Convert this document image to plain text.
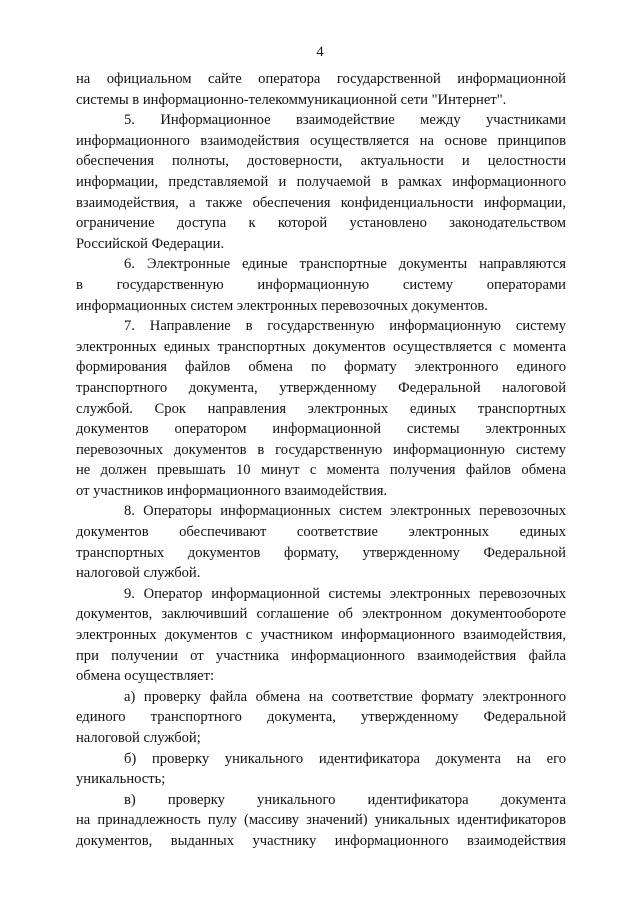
4
на официальном сайте оператора государственной информационной
системы в информационно-телекоммуникационной сети "Интернет".
5. Информационное взаимодействие между участниками
информационного взаимодействия осуществляется на основе принципов
обеспечения полноты, достоверности, актуальности и целостности
информации, представляемой и получаемой в рамках информационного
взаимодействия, а также обеспечения конфиденциальности информации,
ограничение доступа к которой установлено законодательством
Российской Федерации.
6. Электронные единые транспортные документы направляются
в государственную информационную систему операторами
информационных систем электронных перевозочных документов.
7. Направление в государственную информационную систему
электронных единых транспортных документов осуществляется с момента
формирования файлов обмена по формату электронного единого
транспортного документа, утвержденному Федеральной налоговой
службой. Срок направления электронных единых транспортных
документов оператором информационной системы электронных
перевозочных документов в государственную информационную систему
не должен превышать 10 минут с момента получения файлов обмена
от участников информационного взаимодействия.
8. Операторы информационных систем электронных перевозочных
документов обеспечивают соответствие электронных единых
транспортных документов формату, утвержденному Федеральной
налоговой службой.
9. Оператор информационной системы электронных перевозочных
документов, заключивший соглашение об электронном документообороте
электронных документов с участником информационного взаимодействия,
при получении от участника информационного взаимодействия файла
обмена осуществляет:
а) проверку файла обмена на соответствие формату электронного
единого транспортного документа, утвержденному Федеральной
налоговой службой;
б) проверку уникального идентификатора документа на его
уникальность;
в) проверку уникального идентификатора документа
на принадлежность пулу (массиву значений) уникальных идентификаторов
документов, выданных участнику информационного взаимодействия
